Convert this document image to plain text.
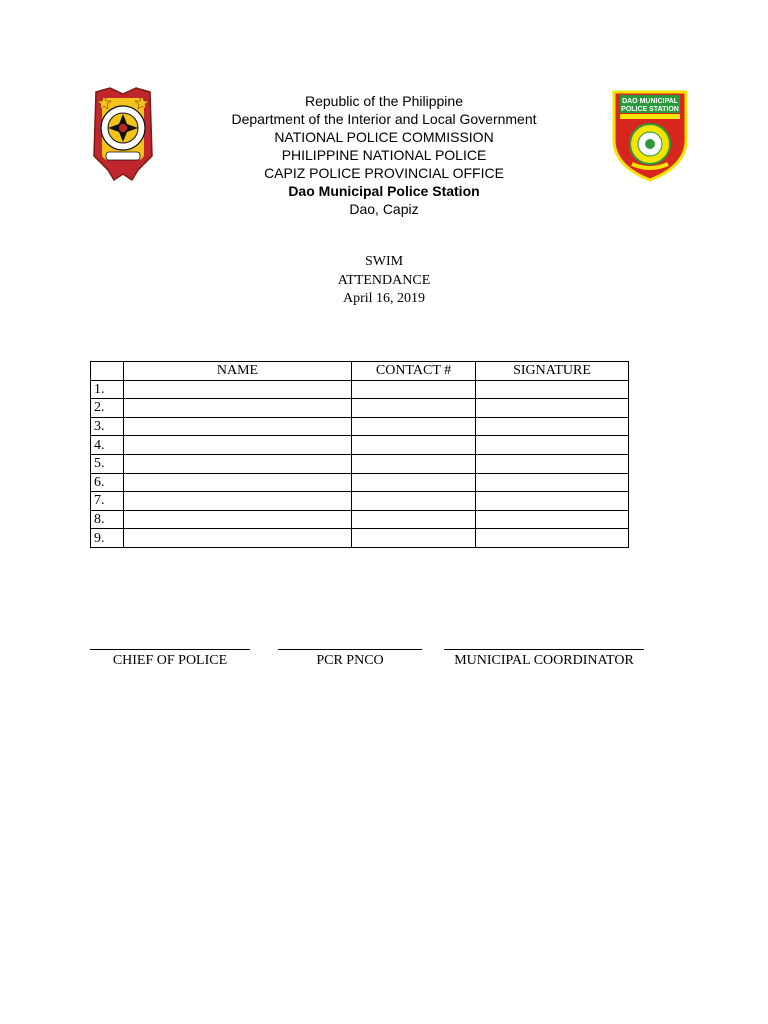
Republic of the Philippine
Department of the Interior and Local Government
NATIONAL POLICE COMMISSION
PHILIPPINE NATIONAL POLICE
CAPIZ POLICE PROVINCIAL OFFICE
Dao Municipal Police Station
Dao, Capiz
DAO MUNICIPAL
POLICE STATION
SWIM
ATTENDANCE
April 16, 2019
	NAME	CONTACT #	SIGNATURE
1.			
2.			
3.			
4.			
5.			
6.			
7.			
8.			
9.			
CHIEF OF POLICE	PCR PNCO	MUNICIPAL COORDINATOR
